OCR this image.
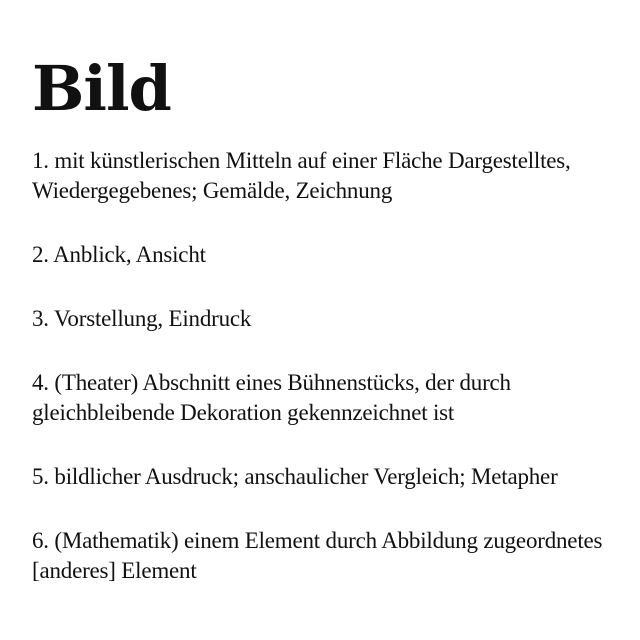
Bild
1. mit künstlerischen Mitteln auf einer Fläche Dargestelltes, Wiedergegebenes; Gemälde, Zeichnung
2. Anblick, Ansicht
3. Vorstellung, Eindruck
4. (Theater) Abschnitt eines Bühnenstücks, der durch gleichbleibende Dekoration gekennzeichnet ist
5. bildlicher Ausdruck; anschaulicher Vergleich; Metapher
6. (Mathematik) einem Element durch Abbildung zugeordnetes [anderes] Element
